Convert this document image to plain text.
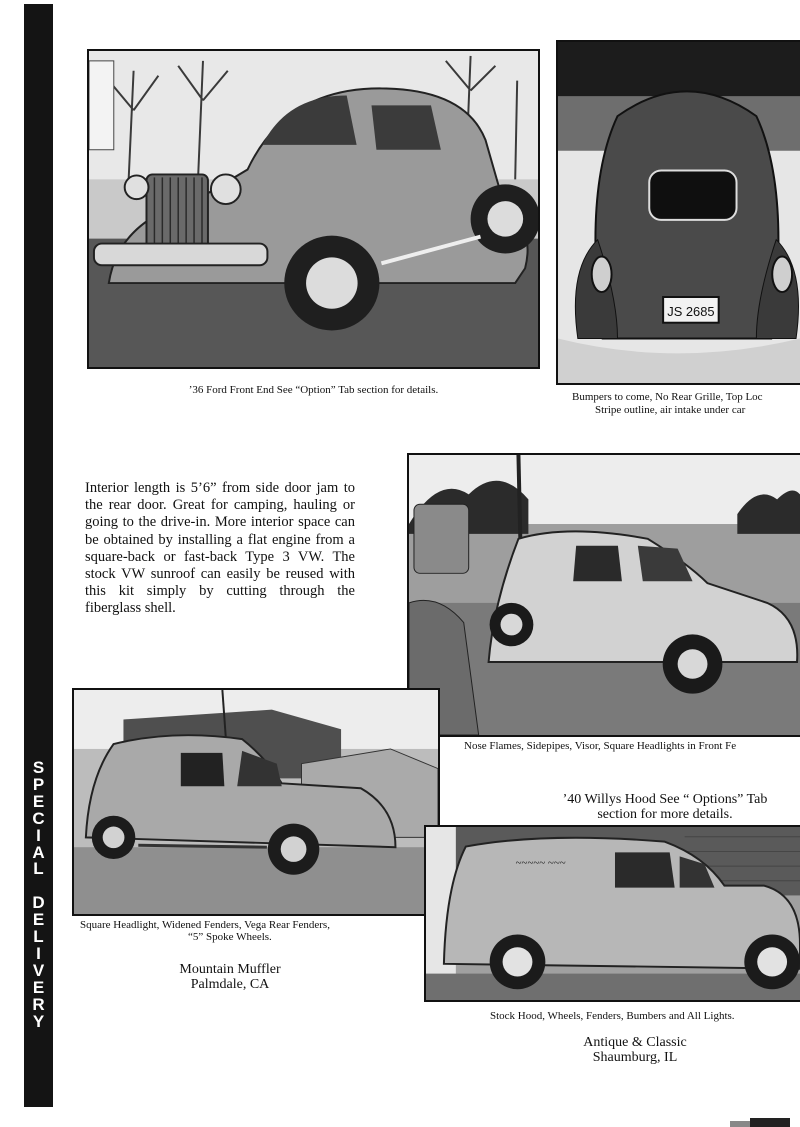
S
P
E
C
I
A
L

D
E
L
I
V
E
R
Y
’36 Ford Front End See “Option” Tab section for details.
JS 2685
Bumpers to come, No Rear Grille, Top Loc
Stripe outline, air intake under car
Interior length is 5’6” from side door jam to the rear door. Great for camping, hauling or going to the drive-in. More interior space can be obtained by installing a flat engine from a square-back or fast-back Type 3 VW. The stock VW sunroof can easily be reused with this kit simply by cutting through the fiberglass shell.
Nose Flames, Sidepipes, Visor, Square Headlights in Front Fe
Square Headlight, Widened Fenders, Vega Rear Fenders,
“5” Spoke Wheels.
’40 Willys Hood See “ Options” Tab
section for more details.
~~~~~ ~~~
Stock Hood, Wheels, Fenders, Bumbers and All Lights.
Mountain Muffler
Palmdale, CA
Antique & Classic
Shaumburg, IL
